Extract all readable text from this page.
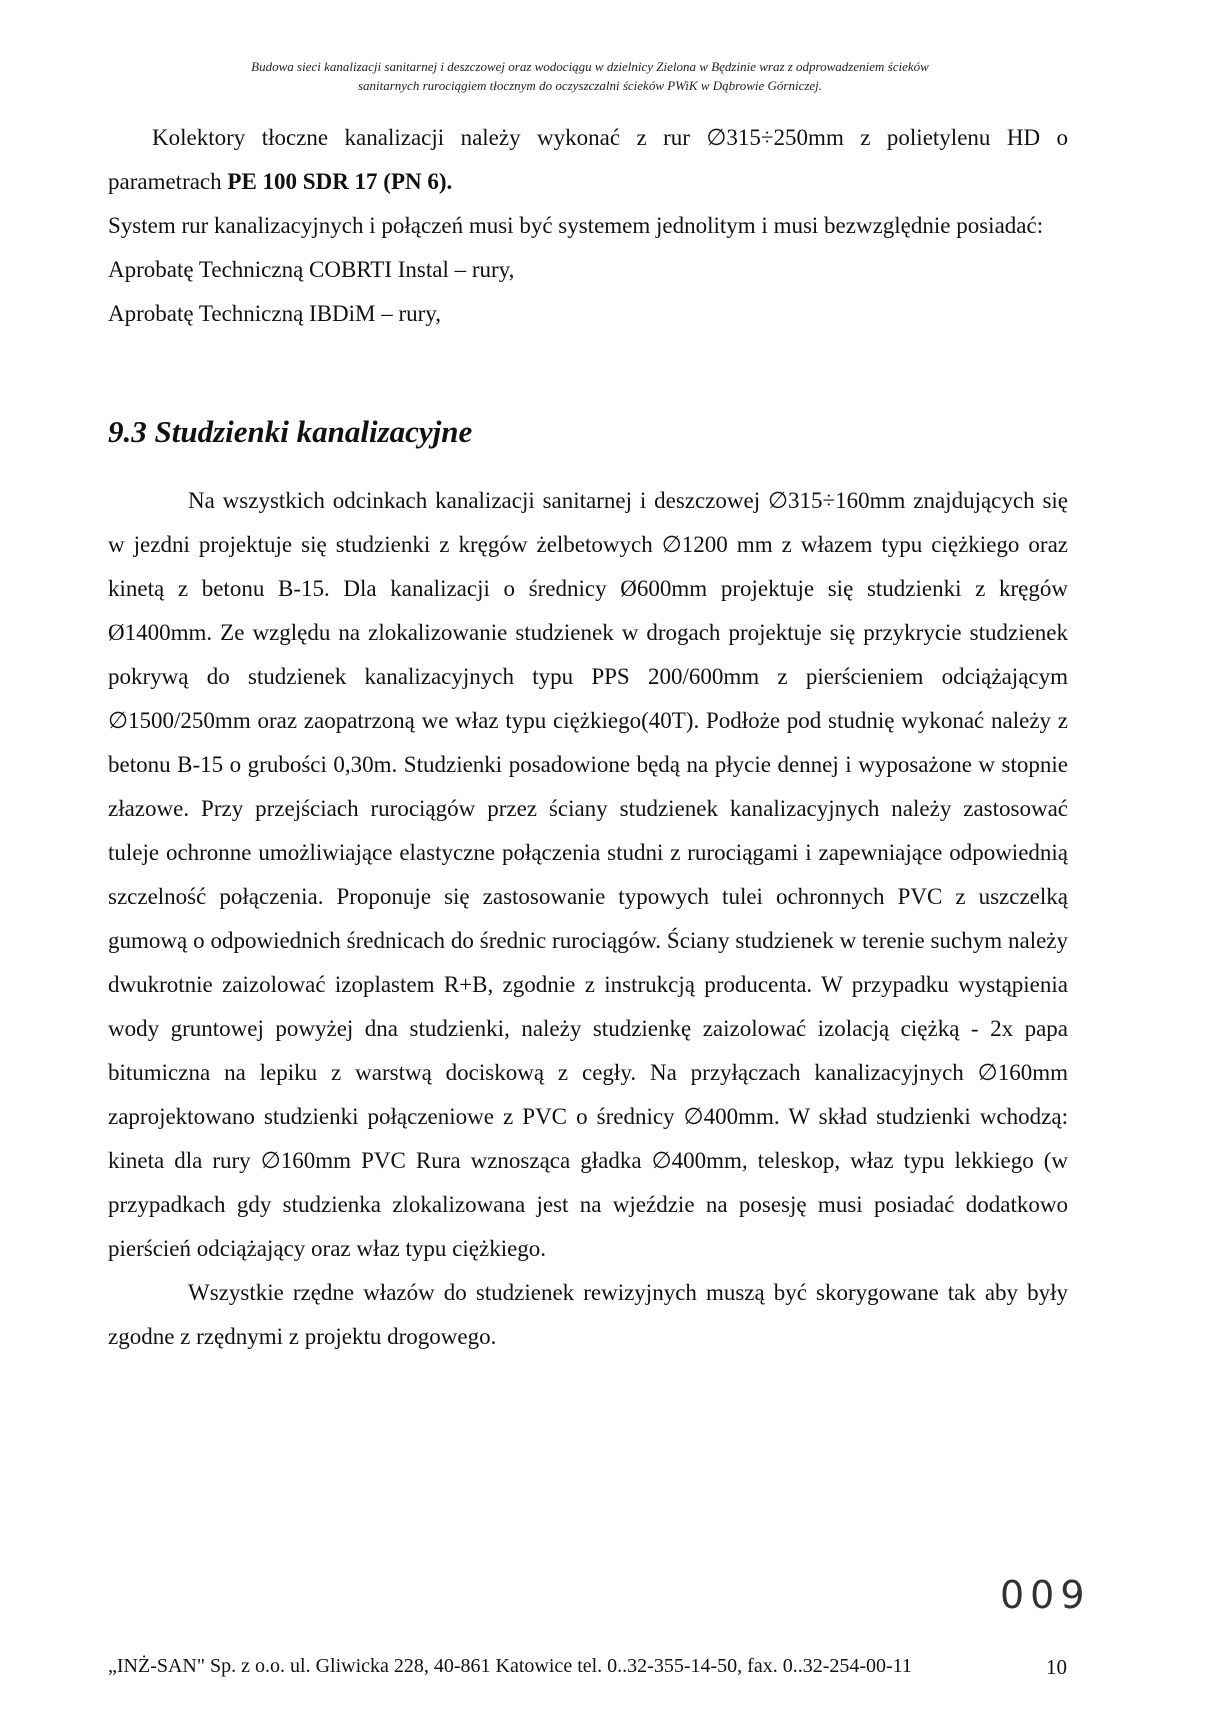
Budowa sieci kanalizacji sanitarnej i deszczowej oraz wodociągu w dzielnicy Zielona w Będzinie wraz z odprowadzeniem ścieków
sanitarnych rurociągiem tłocznym do oczyszczalni ścieków PWiK w Dąbrowie Górniczej.

Kolektory tłoczne kanalizacji należy wykonać z rur ∅315÷250mm z polietylenu HD o parametrach PE 100 SDR 17 (PN 6).

System rur kanalizacyjnych i połączeń musi być systemem jednolitym i musi bezwzględnie posiadać:

Aprobatę Techniczną COBRTI Instal – rury,

Aprobatę Techniczną IBDiM – rury,

9.3 Studzienki kanalizacyjne

Na wszystkich odcinkach kanalizacji sanitarnej i deszczowej ∅315÷160mm znajdujących się w jezdni projektuje się studzienki z kręgów żelbetowych ∅1200 mm z włazem typu ciężkiego oraz kinetą z betonu B-15. Dla kanalizacji o średnicy Ø600mm projektuje się studzienki z kręgów Ø1400mm. Ze względu na zlokalizowanie studzienek w drogach projektuje się przykrycie studzienek pokrywą do studzienek kanalizacyjnych typu PPS 200/600mm z pierścieniem odciążającym ∅1500/250mm oraz zaopatrzoną we właz typu ciężkiego(40T). Podłoże pod studnię wykonać należy z betonu B-15 o grubości 0,30m. Studzienki posadowione będą na płycie dennej i wyposażone w stopnie złazowe. Przy przejściach rurociągów przez ściany studzienek kanalizacyjnych należy zastosować tuleje ochronne umożliwiające elastyczne połączenia studni z rurociągami i zapewniające odpowiednią szczelność połączenia. Proponuje się zastosowanie typowych tulei ochronnych PVC z uszczelką gumową o odpowiednich średnicach do średnic rurociągów. Ściany studzienek w terenie suchym należy dwukrotnie zaizolować izoplastem R+B, zgodnie z instrukcją producenta. W przypadku wystąpienia wody gruntowej powyżej dna studzienki, należy studzienkę zaizolować izolacją ciężką - 2x papa bitumiczna na lepiku z warstwą dociskową z cegły. Na przyłączach kanalizacyjnych ∅160mm zaprojektowano studzienki połączeniowe z PVC o średnicy ∅400mm. W skład studzienki wchodzą: kineta dla rury ∅160mm PVC Rura wznosząca gładka ∅400mm, teleskop, właz typu lekkiego (w przypadkach gdy studzienka zlokalizowana jest na wjeździe na posesję musi posiadać dodatkowo pierścień odciążający oraz właz typu ciężkiego.

Wszystkie rzędne włazów do studzienek rewizyjnych muszą być skorygowane tak aby były zgodne z rzędnymi z projektu drogowego.

009
„INŻ-SAN" Sp. z o.o. ul. Gliwicka 228, 40-861 Katowice tel. 0..32-355-14-50, fax. 0..32-254-00-11	10
